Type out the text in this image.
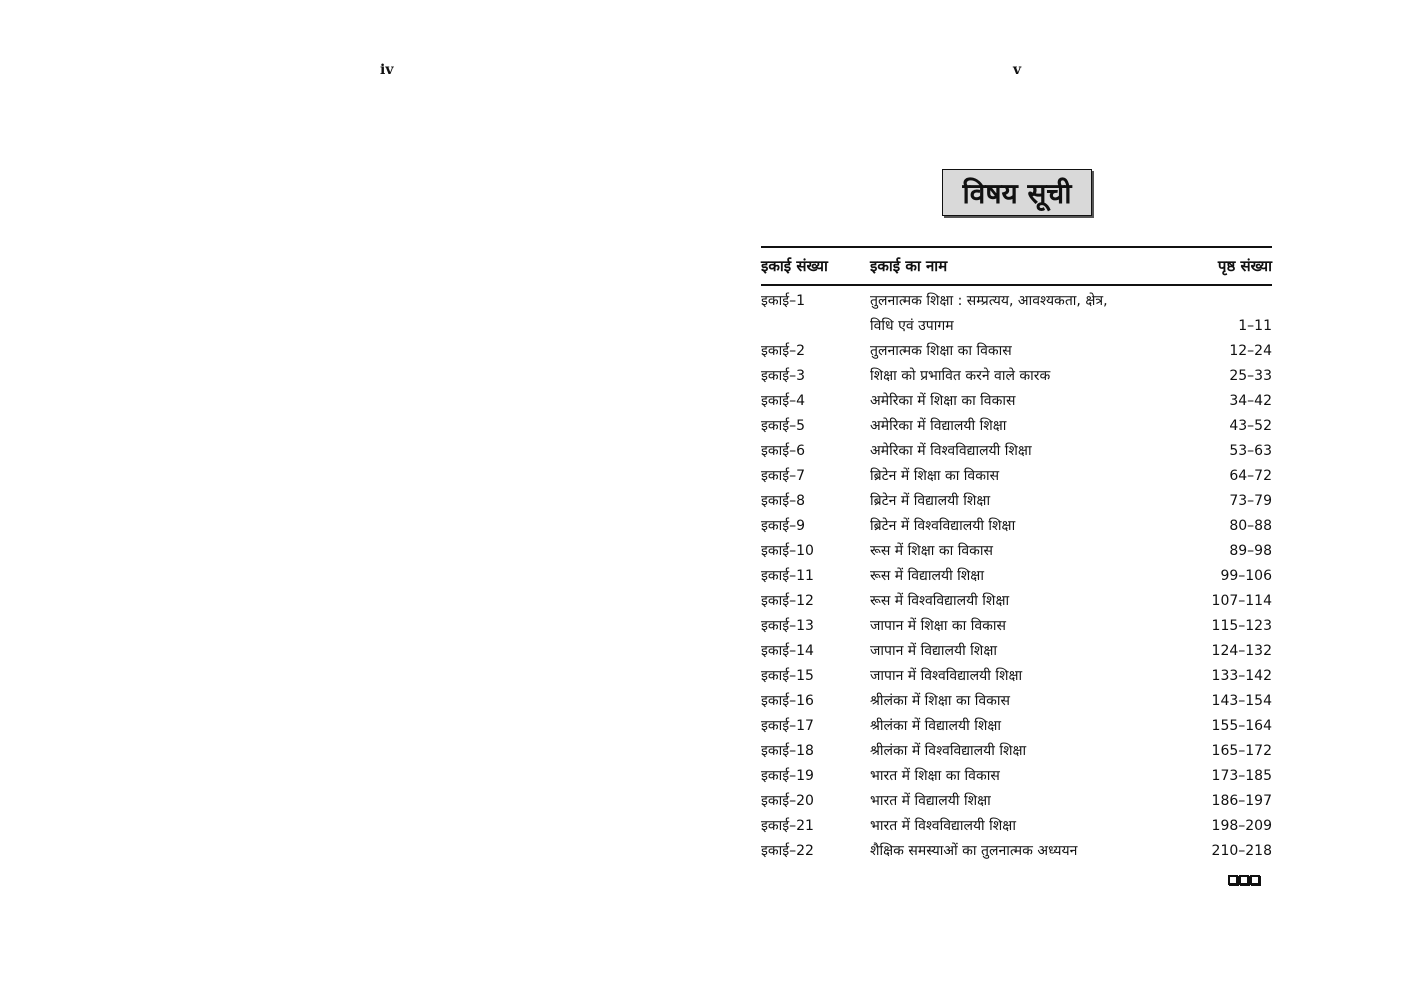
iv	v
विषय सूची
इकाई संख्या	इकाई का नाम	पृष्ठ संख्या
इकाई–1	तुलनात्मक शिक्षा : सम्प्रत्यय, आवश्यकता, क्षेत्र,
विधि एवं उपागम	1–11
इकाई–2	तुलनात्मक शिक्षा का विकास	12–24
इकाई–3	शिक्षा को प्रभावित करने वाले कारक	25–33
इकाई–4	अमेरिका में शिक्षा का विकास	34–42
इकाई–5	अमेरिका में विद्यालयी शिक्षा	43–52
इकाई–6	अमेरिका में विश्वविद्यालयी शिक्षा	53–63
इकाई–7	ब्रिटेन में शिक्षा का विकास	64–72
इकाई–8	ब्रिटेन में विद्यालयी शिक्षा	73–79
इकाई–9	ब्रिटेन में विश्वविद्यालयी शिक्षा	80–88
इकाई–10	रूस में शिक्षा का विकास	89–98
इकाई–11	रूस में विद्यालयी शिक्षा	99–106
इकाई–12	रूस में विश्वविद्यालयी शिक्षा	107–114
इकाई–13	जापान में शिक्षा का विकास	115–123
इकाई–14	जापान में विद्यालयी शिक्षा	124–132
इकाई–15	जापान में विश्वविद्यालयी शिक्षा	133–142
इकाई–16	श्रीलंका में शिक्षा का विकास	143–154
इकाई–17	श्रीलंका में विद्यालयी शिक्षा	155–164
इकाई–18	श्रीलंका में विश्वविद्यालयी शिक्षा	165–172
इकाई–19	भारत में शिक्षा का विकास	173–185
इकाई–20	भारत में विद्यालयी शिक्षा	186–197
इकाई–21	भारत में विश्वविद्यालयी शिक्षा	198–209
इकाई–22	शैक्षिक समस्याओं का तुलनात्मक अध्ययन	210–218
